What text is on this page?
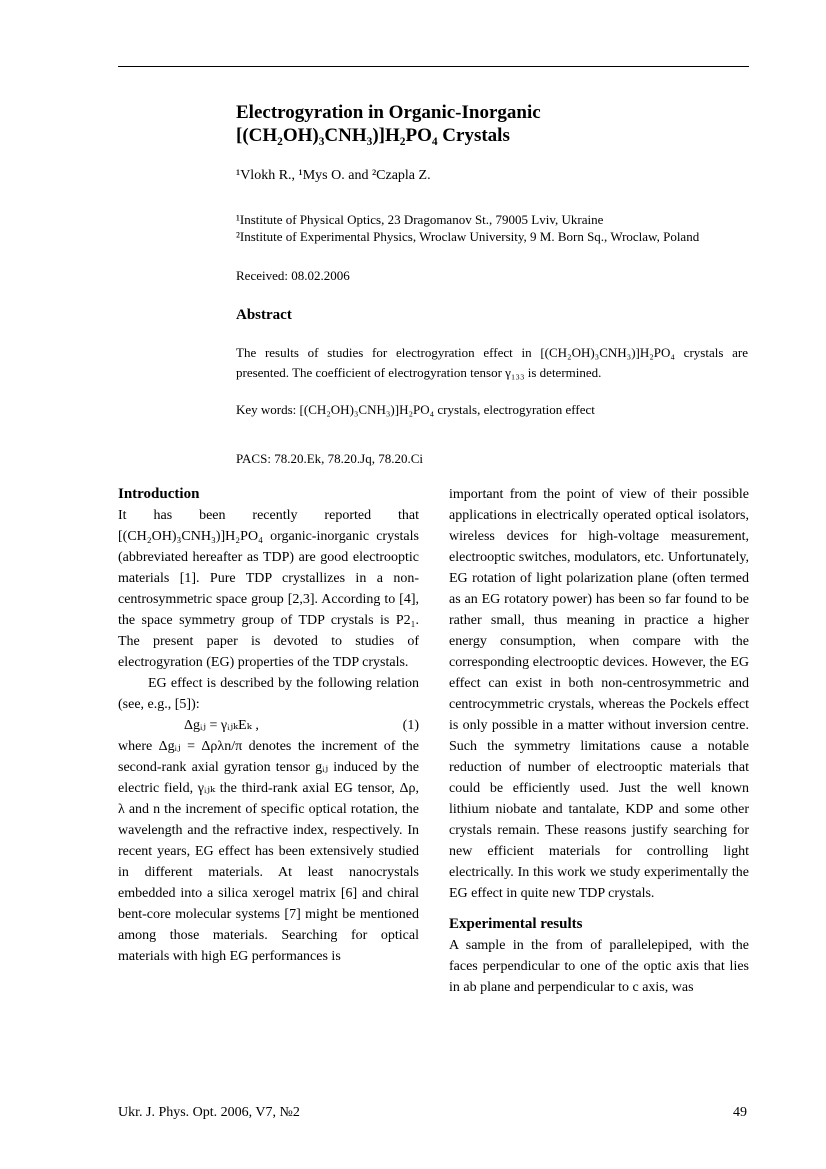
Electrogyration in Organic-Inorganic
[(CH₂OH)₃CNH₃)]H₂PO₄ Crystals
¹Vlokh R., ¹Mys O. and ²Czapla Z.
¹Institute of Physical Optics, 23 Dragomanov St., 79005 Lviv, Ukraine
²Institute of Experimental Physics, Wroclaw University, 9 M. Born Sq., Wroclaw, Poland
Received: 08.02.2006
Abstract
The results of studies for electrogyration effect in [(CH₂OH)₃CNH₃)]H₂PO₄ crystals are presented. The coefficient of electrogyration tensor γ₁₃₃ is determined.
Key words: [(CH₂OH)₃CNH₃)]H₂PO₄ crystals, electrogyration effect
PACS: 78.20.Ek, 78.20.Jq, 78.20.Ci
Introduction

It has been recently reported that [(CH₂OH)₃CNH₃)]H₂PO₄ organic-inorganic crystals (abbreviated hereafter as TDP) are good electrooptic materials [1]. Pure TDP crystallizes in a non-centrosymmetric space group [2,3]. According to [4], the space symmetry group of TDP crystals is P2₁. The present paper is devoted to studies of electrogyration (EG) properties of the TDP crystals.

EG effect is described by the following relation (see, e.g., [5]):

Δgᵢⱼ = γᵢⱼₖEₖ ,	(1)

where Δgᵢⱼ = Δρλn/π denotes the increment of the second-rank axial gyration tensor gᵢⱼ induced by the electric field, γᵢⱼₖ the third-rank axial EG tensor, Δρ, λ and n the increment of specific optical rotation, the wavelength and the refractive index, respectively. In recent years, EG effect has been extensively studied in different materials. At least nanocrystals embedded into a silica xerogel matrix [6] and chiral bent-core molecular systems [7] might be mentioned among those materials. Searching for optical materials with high EG performances is

important from the point of view of their possible applications in electrically operated optical isolators, wireless devices for high-voltage measurement, electrooptic switches, modulators, etc. Unfortunately, EG rotation of light polarization plane (often termed as an EG rotatory power) has been so far found to be rather small, thus meaning in practice a higher energy consumption, when compare with the corresponding electrooptic devices. However, the EG effect can exist in both non-centrosymmetric and centrocymmetric crystals, whereas the Pockels effect is only possible in a matter without inversion centre. Such the symmetry limitations cause a notable reduction of number of electrooptic materials that could be efficiently used. Just the well known lithium niobate and tantalate, KDP and some other crystals remain. These reasons justify searching for new efficient materials for controlling light electrically. In this work we study experimentally the EG effect in quite new TDP crystals.

Experimental results

A sample in the from of parallelepiped, with the faces perpendicular to one of the optic axis that lies in ab plane and perpendicular to c axis, was

Ukr. J. Phys. Opt. 2006, V7, №2	49
